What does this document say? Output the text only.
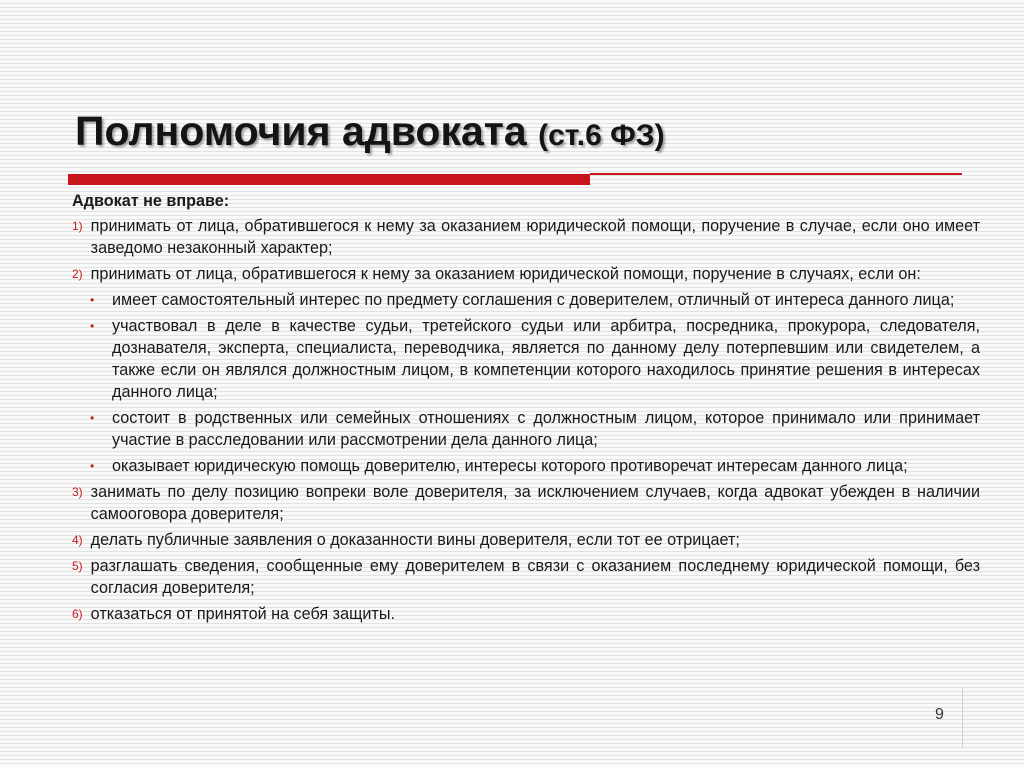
Полномочия адвоката (ст.6 ФЗ)
Адвокат не вправе:
1) принимать от лица, обратившегося к нему за оказанием юридической помощи, поручение в случае, если оно имеет заведомо незаконный характер;
2) принимать от лица, обратившегося к нему за оказанием юридической помощи, поручение в случаях, если он:
•	имеет самостоятельный интерес по предмету соглашения с доверителем, отличный от интереса данного лица;
•	участвовал в деле в качестве судьи, третейского судьи или арбитра, посредника, прокурора, следователя, дознавателя, эксперта, специалиста, переводчика, является по данному делу потерпевшим или свидетелем, а также если он являлся должностным лицом, в компетенции которого находилось принятие решения в интересах данного лица;
•	состоит в родственных или семейных отношениях с должностным лицом, которое принимало или принимает участие в расследовании или рассмотрении дела данного лица;
•	оказывает юридическую помощь доверителю, интересы которого противоречат интересам данного лица;
3) занимать по делу позицию вопреки воле доверителя, за исключением случаев, когда адвокат убежден в наличии самооговора доверителя;
4) делать публичные заявления о доказанности вины доверителя, если тот ее отрицает;
5) разглашать сведения, сообщенные ему доверителем в связи с оказанием последнему юридической помощи, без согласия доверителя;
6) отказаться от принятой на себя защиты.
9
